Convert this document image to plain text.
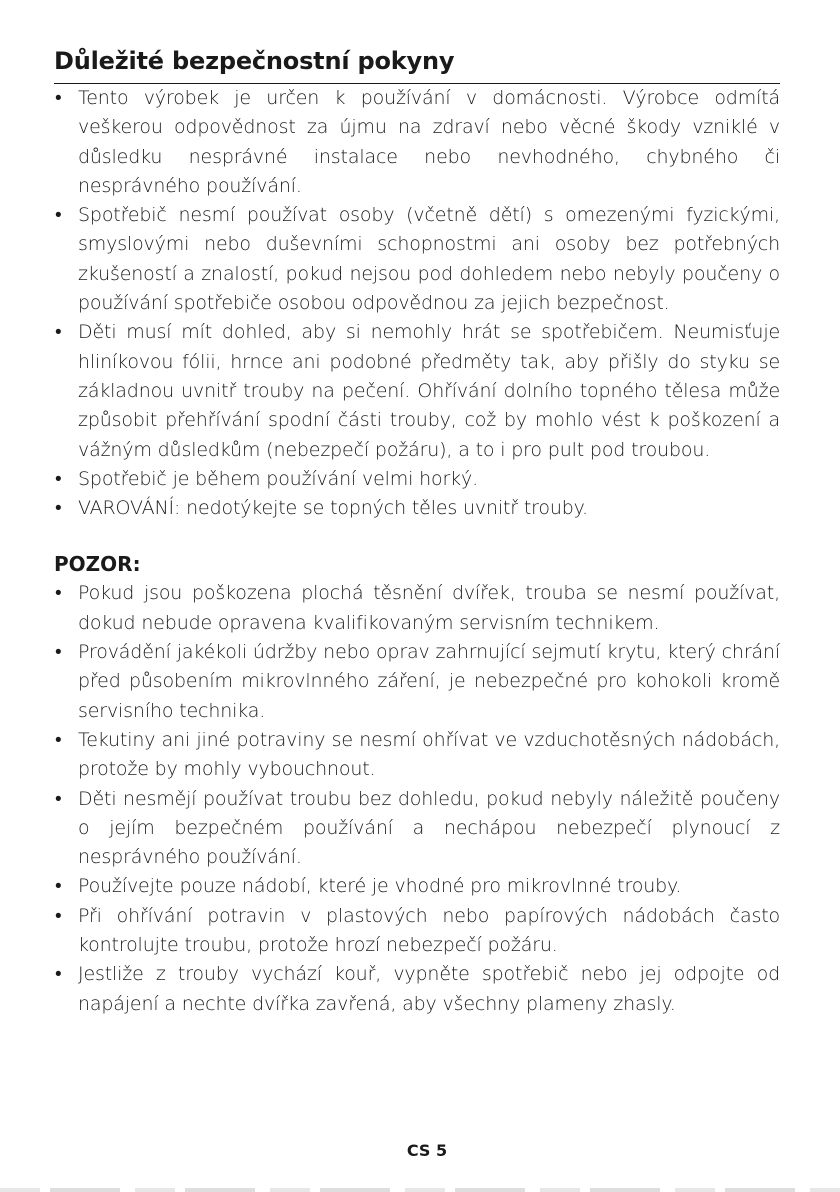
Důležité bezpečnostní pokyny
• Tento výrobek je určen k používání v domácnosti. Výrobce odmítá veškerou odpovědnost za újmu na zdraví nebo věcné škody vzniklé v důsledku nesprávné instalace nebo nevhodného, chybného či nesprávného používání.
• Spotřebič nesmí používat osoby (včetně dětí) s omezenými fyzickými, smyslovými nebo duševními schopnostmi ani osoby bez potřebných zkušeností a znalostí, pokud nejsou pod dohledem nebo nebyly poučeny o používání spotřebiče osobou odpovědnou za jejich bezpečnost.
• Děti musí mít dohled, aby si nemohly hrát se spotřebičem. Neumisťuje hliníkovou fólii, hrnce ani podobné předměty tak, aby přišly do styku se základnou uvnitř trouby na pečení. Ohřívání dolního topného tělesa může způsobit přehřívání spodní části trouby, což by mohlo vést k poškození a vážným důsledkům (nebezpečí požáru), a to i pro pult pod troubou.
• Spotřebič je během používání velmi horký.
• VAROVÁNÍ: nedotýkejte se topných těles uvnitř trouby.
POZOR:
• Pokud jsou poškozena plochá těsnění dvířek, trouba se nesmí používat, dokud nebude opravena kvalifikovaným servisním technikem.
• Provádění jakékoli údržby nebo oprav zahrnující sejmutí krytu, který chrání před působením mikrovlnného záření, je nebezpečné pro kohokoli kromě servisního technika.
• Tekutiny ani jiné potraviny se nesmí ohřívat ve vzduchotěsných nádobách, protože by mohly vybouchnout.
• Děti nesmějí používat troubu bez dohledu, pokud nebyly náležitě poučeny o jejím bezpečném používání a nechápou nebezpečí plynoucí z nesprávného používání.
• Používejte pouze nádobí, které je vhodné pro mikrovlnné trouby.
• Při ohřívání potravin v plastových nebo papírových nádobách často kontrolujte troubu, protože hrozí nebezpečí požáru.
• Jestliže z trouby vychází kouř, vypněte spotřebič nebo jej odpojte od napájení a nechte dvířka zavřená, aby všechny plameny zhasly.
CS 5
